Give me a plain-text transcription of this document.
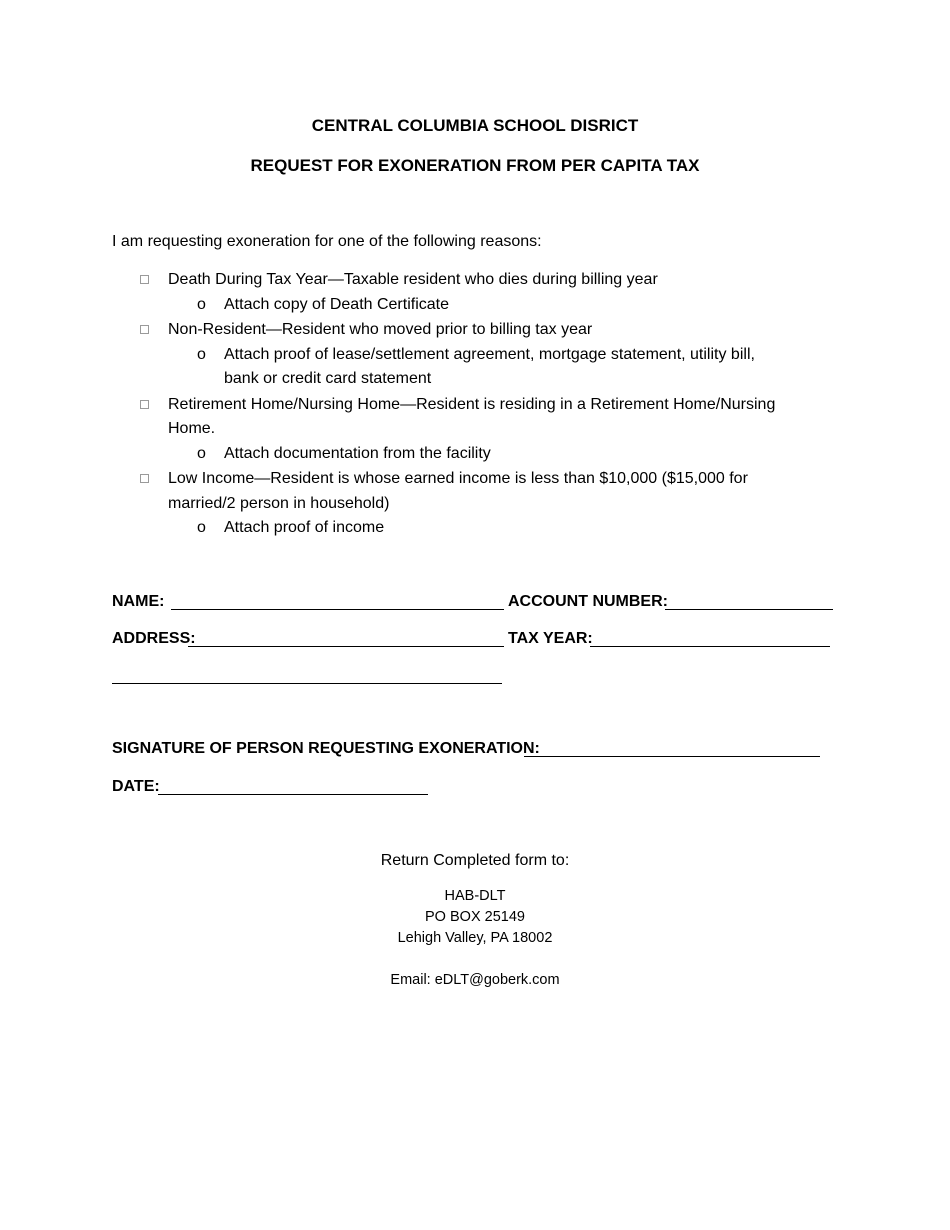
CENTRAL COLUMBIA SCHOOL DISRICT
REQUEST FOR EXONERATION FROM PER CAPITA TAX
I am requesting exoneration for one of the following reasons:
Death During Tax Year—Taxable resident who dies during billing year
o Attach copy of Death Certificate
Non-Resident—Resident who moved prior to billing tax year
o Attach proof of lease/settlement agreement, mortgage statement, utility bill,
bank or credit card statement
Retirement Home/Nursing Home—Resident is residing in a Retirement Home/Nursing
Home.
o Attach documentation from the facility
Low Income—Resident is whose earned income is less than $10,000 ($15,000 for
married/2 person in household)
o Attach proof of income
NAME:	ACCOUNT NUMBER:
ADDRESS:	TAX YEAR:
SIGNATURE OF PERSON REQUESTING EXONERATION:
DATE:
Return Completed form to:
HAB-DLT
PO BOX 25149
Lehigh Valley, PA 18002
Email: eDLT@goberk.com
